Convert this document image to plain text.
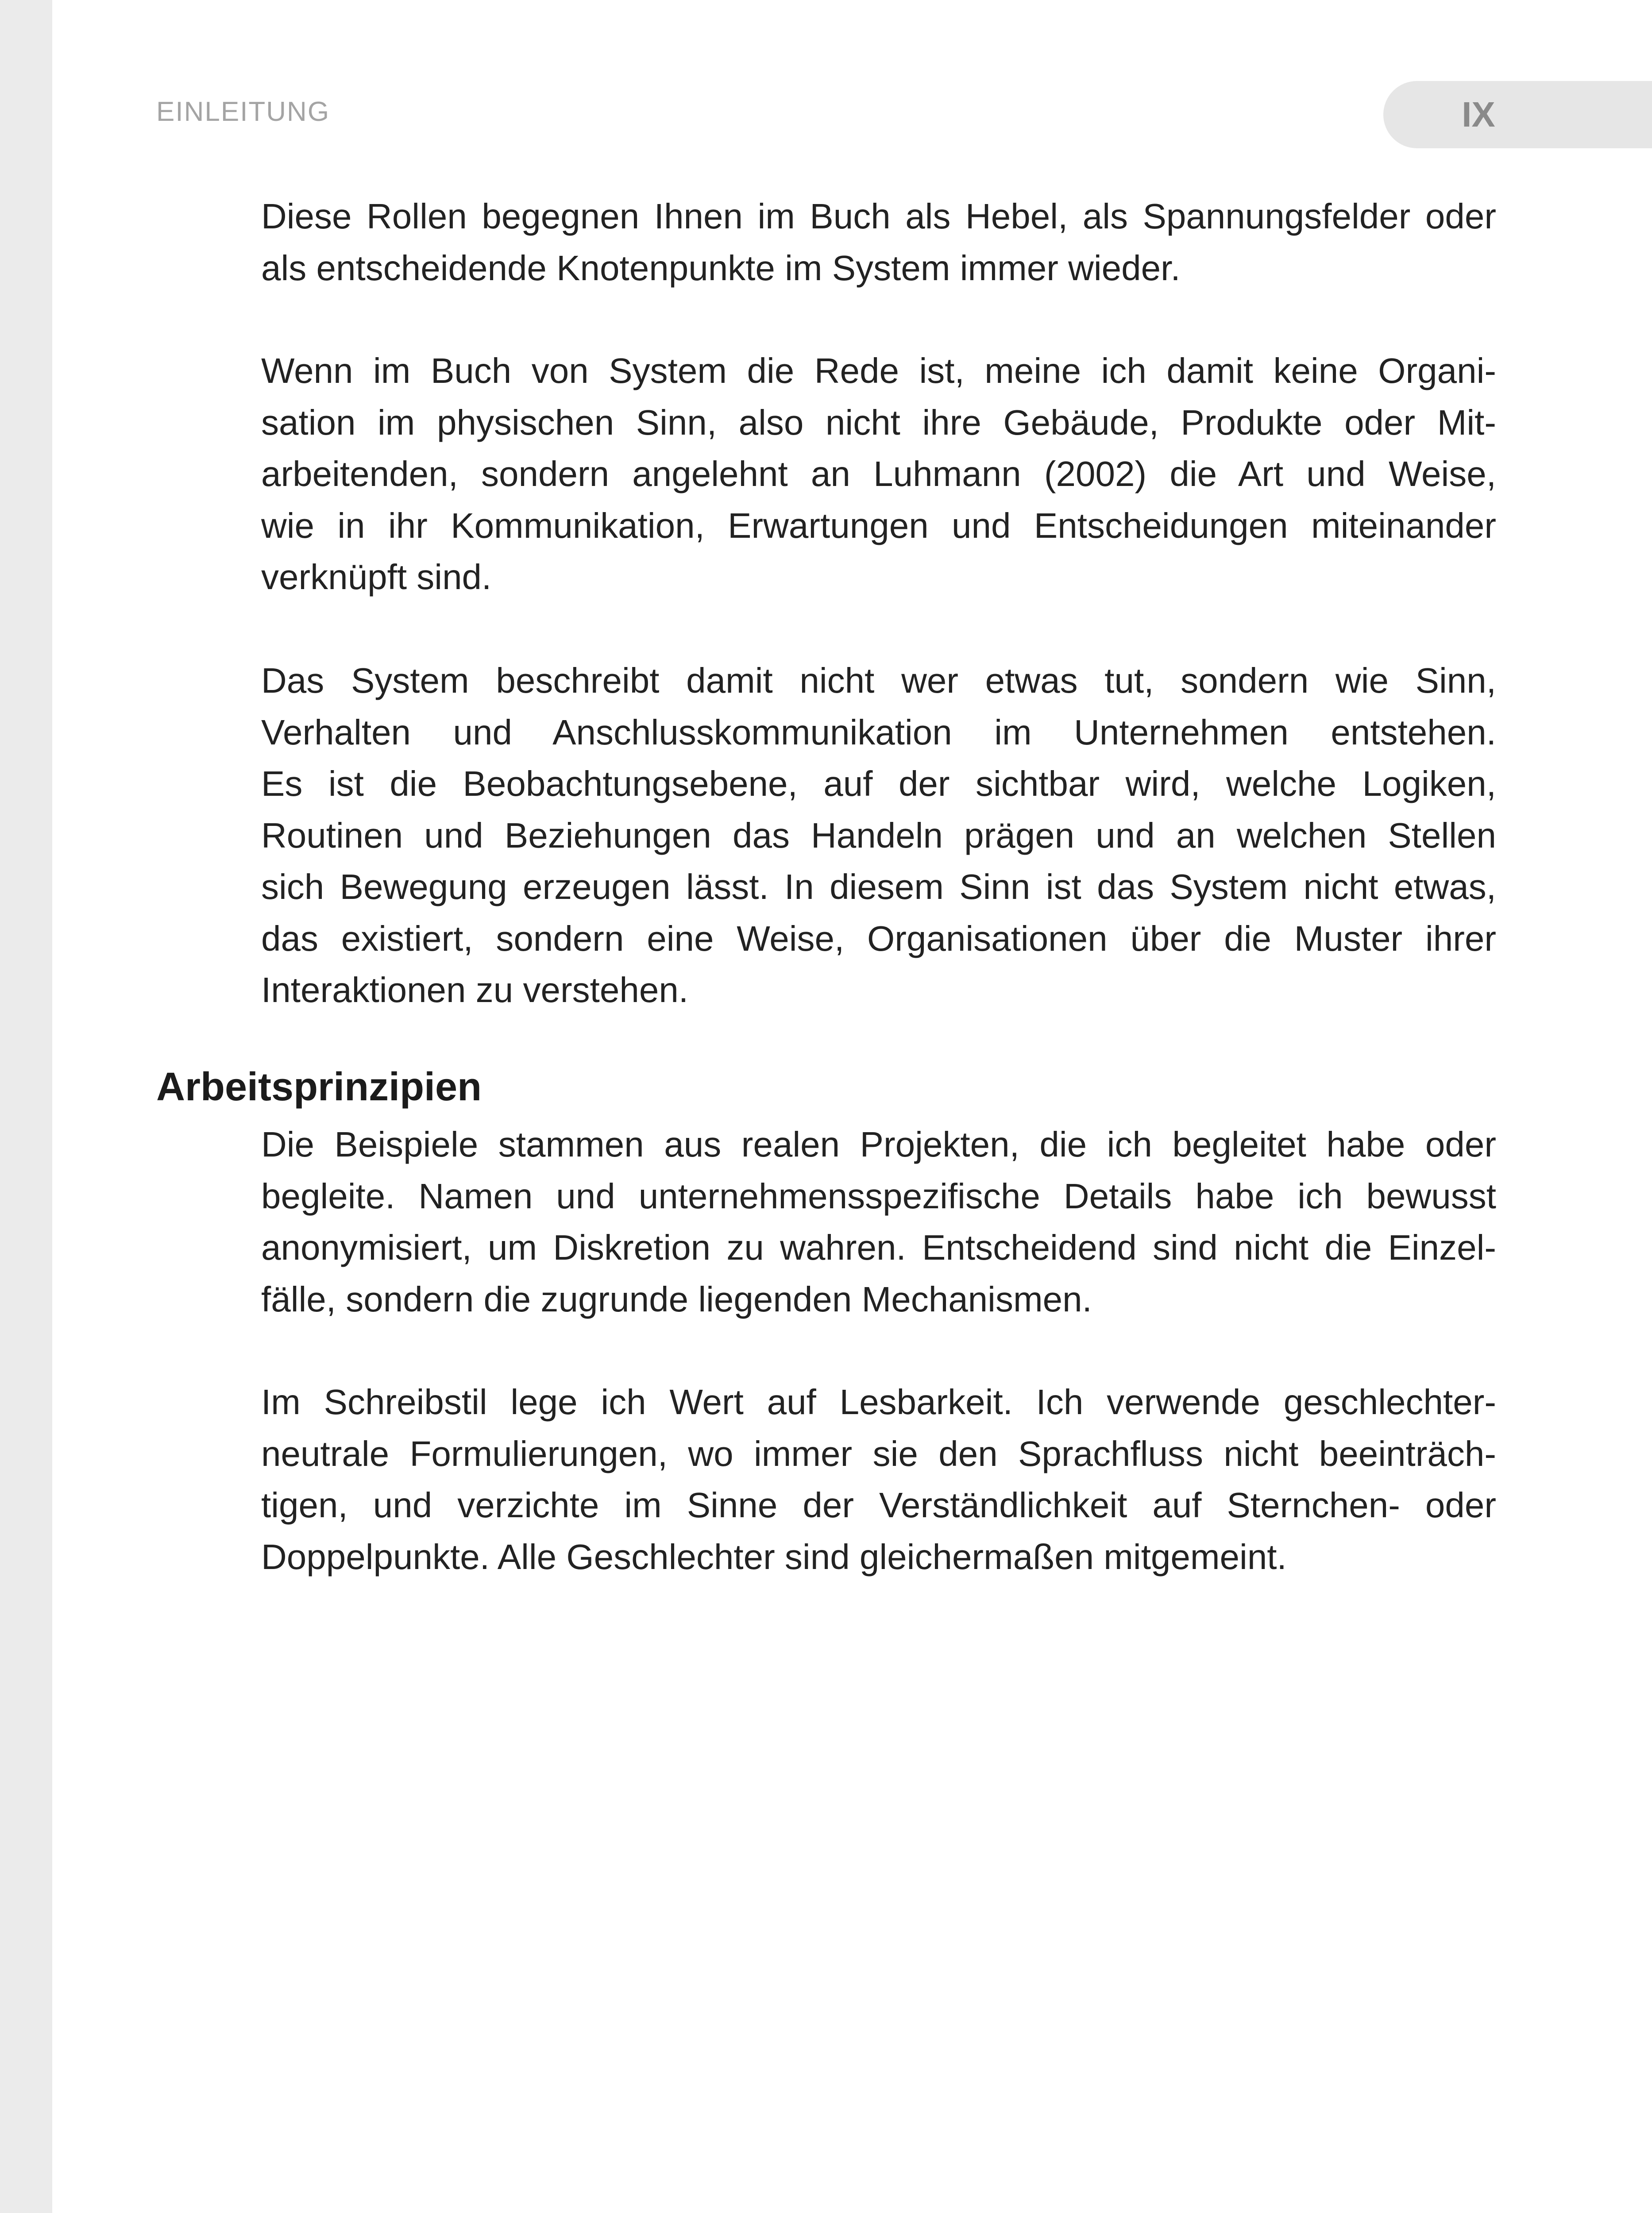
EINLEITUNG	IX

Diese Rollen begegnen Ihnen im Buch als Hebel, als Spannungsfelder oder
als entscheidende Knotenpunkte im System immer wieder.

Wenn im Buch von System die Rede ist, meine ich damit keine Organi-
sation im physischen Sinn, also nicht ihre Gebäude, Produkte oder Mit-
arbeitenden, sondern angelehnt an Luhmann (2002) die Art und Weise,
wie in ihr Kommunikation, Erwartungen und Entscheidungen miteinander
verknüpft sind.

Das System beschreibt damit nicht wer etwas tut, sondern wie Sinn,
Verhalten und Anschlusskommunikation im Unternehmen entstehen.
Es ist die Beobachtungsebene, auf der sichtbar wird, welche Logiken,
Routinen und Beziehungen das Handeln prägen und an welchen Stellen
sich Bewegung erzeugen lässt. In diesem Sinn ist das System nicht etwas,
das existiert, sondern eine Weise, Organisationen über die Muster ihrer
Interaktionen zu verstehen.

Arbeitsprinzipien

Die Beispiele stammen aus realen Projekten, die ich begleitet habe oder
begleite. Namen und unternehmensspezifische Details habe ich bewusst
anonymisiert, um Diskretion zu wahren. Entscheidend sind nicht die Einzel-
fälle, sondern die zugrunde liegenden Mechanismen.

Im Schreibstil lege ich Wert auf Lesbarkeit. Ich verwende geschlechter-
neutrale Formulierungen, wo immer sie den Sprachfluss nicht beeinträch-
tigen, und verzichte im Sinne der Verständlichkeit auf Sternchen- oder
Doppelpunkte. Alle Geschlechter sind gleichermaßen mitgemeint.
